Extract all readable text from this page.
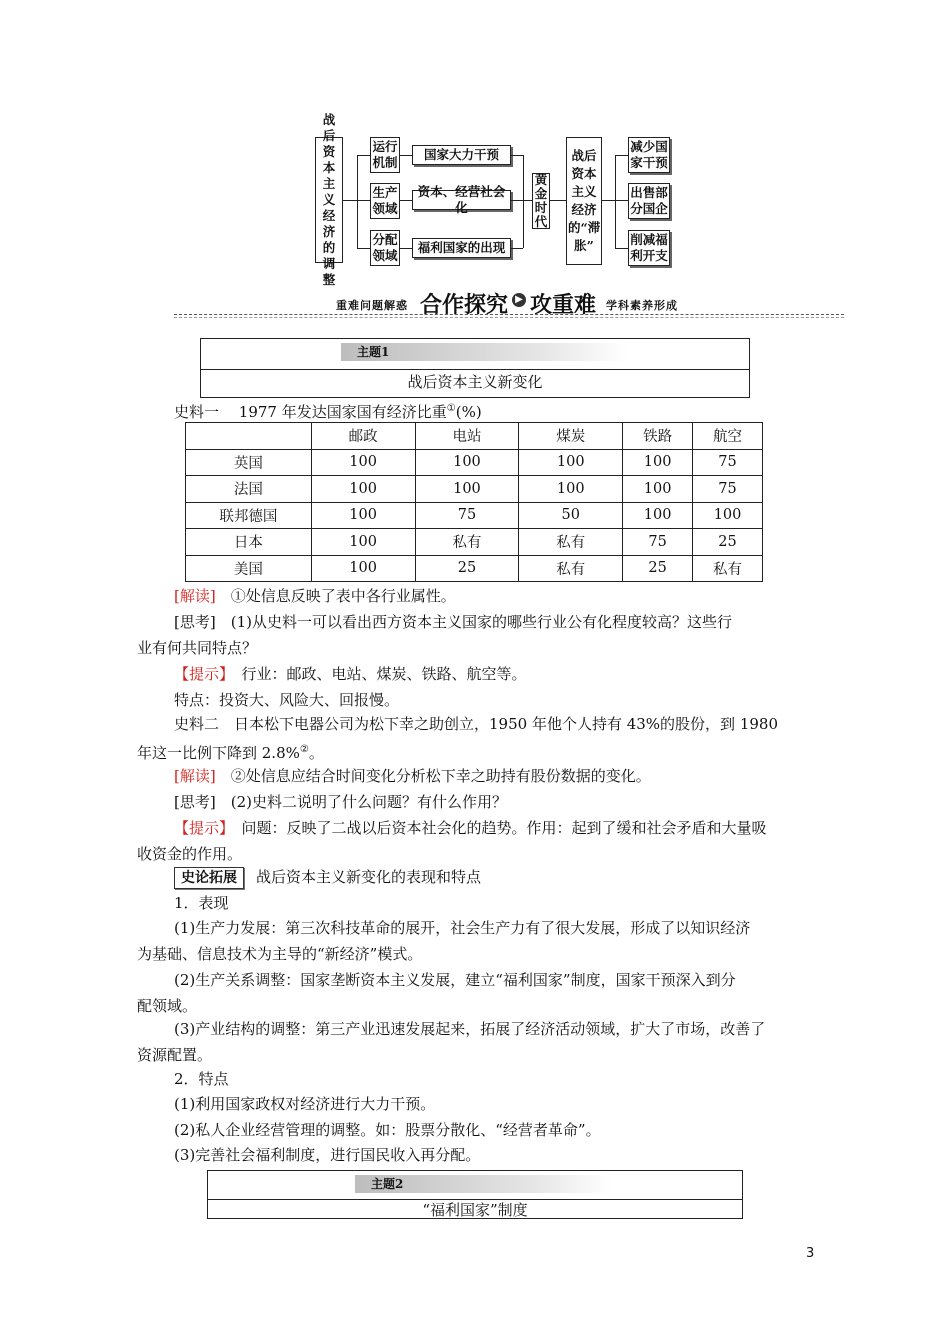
战后资本主义经济的调整
运行机制
生产领域
分配领域
国家大力干预
资本、经营社会化
福利国家的出现
黄金时代
战后资本主义经济的“滞胀”
减少国家干预
出售部分国企
削减福利开支
重难问题解惑 合作探究 ▶ 攻重难 学科素养形成
主题1
战后资本主义新变化
史料一　 1977 年发达国家国有经济比重①(%)
	邮政	电站	煤炭	铁路	航空
英国	100	100	100	100	75
法国	100	100	100	100	75
联邦德国	100	75	50	100	100
日本	100	私有	私有	75	25
美国	100	25	私有	25	私有
[解读]　 ①处信息反映了表中各行业属性。
[思考]　 (1)从史料一可以看出西方资本主义国家的哪些行业公有化程度较高？这些行
业有何共同特点？
【提示】　 行业：邮政、电站、煤炭、铁路、航空等。
特点：投资大、风险大、回报慢。
史料二　日本松下电器公司为松下幸之助创立，1950 年他个人持有 43%的股份，到 1980
年这一比例下降到 2.8%②。
[解读]　 ②处信息应结合时间变化分析松下幸之助持有股份数据的变化。
[思考]　 (2)史料二说明了什么问题？有什么作用？
【提示】　 问题：反映了二战以后资本社会化的趋势。作用：起到了缓和社会矛盾和大量吸
收资金的作用。
史论拓展 战后资本主义新变化的表现和特点
1．表现
(1)生产力发展：第三次科技革命的展开，社会生产力有了很大发展，形成了以知识经济
为基础、信息技术为主导的“新经济”模式。
(2)生产关系调整：国家垄断资本主义发展，建立“福利国家”制度，国家干预深入到分
配领域。
(3)产业结构的调整：第三产业迅速发展起来，拓展了经济活动领域，扩大了市场，改善了
资源配置。
2．特点
(1)利用国家政权对经济进行大力干预。
(2)私人企业经营管理的调整。如：股票分散化、“经营者革命”。
(3)完善社会福利制度，进行国民收入再分配。
主题2
“福利国家”制度
3
